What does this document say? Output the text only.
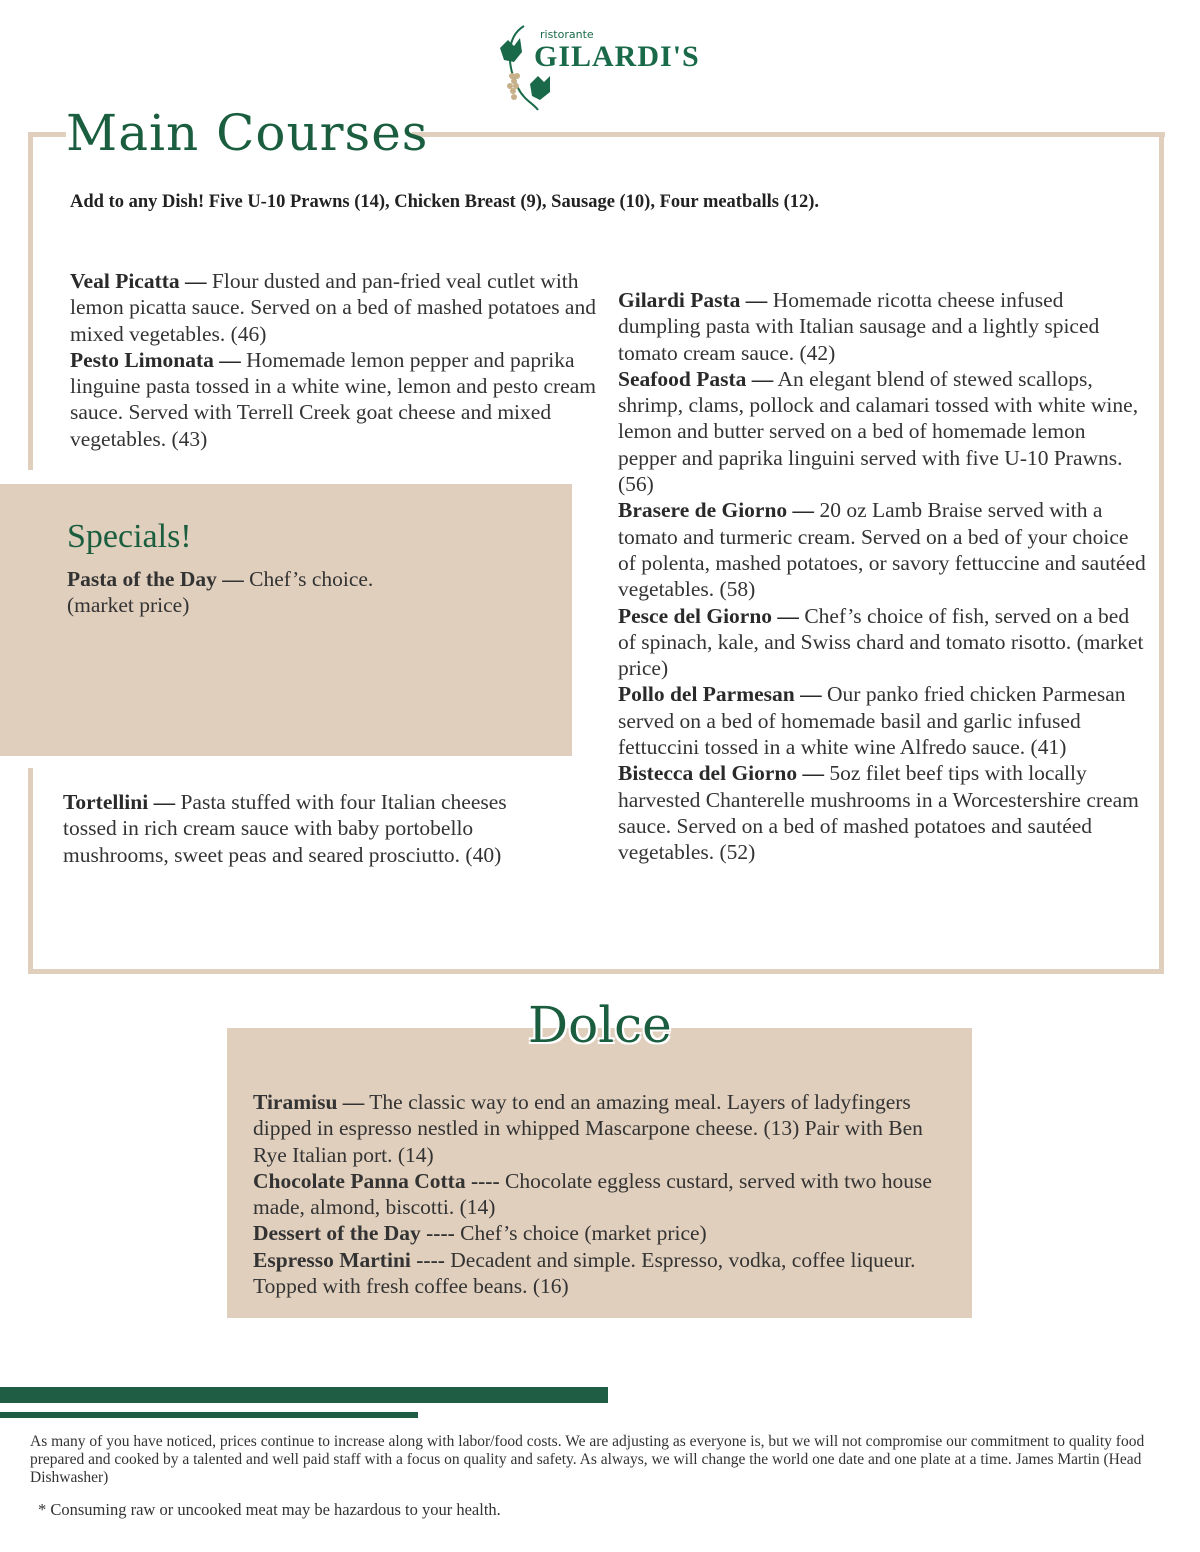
ristorante
GILARDI'S
Main Courses
Add to any Dish! Five U-10 Prawns (14), Chicken Breast (9), Sausage (10), Four meatballs (12).

Veal Picatta — Flour dusted and pan-fried veal cutlet with lemon picatta sauce. Served on a bed of mashed potatoes and mixed vegetables. (46)

Pesto Limonata — Homemade lemon pepper and paprika linguine pasta tossed in a white wine, lemon and pesto cream sauce. Served with Terrell Creek goat cheese and mixed vegetables. (43)

Gilardi Pasta — Homemade ricotta cheese infused dumpling pasta with Italian sausage and a lightly spiced tomato cream sauce. (42)

Seafood Pasta — An elegant blend of stewed scallops, shrimp, clams, pollock and calamari tossed with white wine, lemon and butter served on a bed of homemade lemon pepper and paprika linguini served with five U-10 Prawns. (56)

Brasere de Giorno — 20 oz Lamb Braise served with a tomato and turmeric cream. Served on a bed of your choice of polenta, mashed potatoes, or savory fettuccine and sautéed vegetables. (58)

Pesce del Giorno — Chef’s choice of fish, served on a bed of spinach, kale, and Swiss chard and tomato risotto. (market price)

Pollo del Parmesan — Our panko fried chicken Parmesan served on a bed of homemade basil and garlic infused fettuccini tossed in a white wine Alfredo sauce. (41)

Bistecca del Giorno — 5oz filet beef tips with locally harvested Chanterelle mushrooms in a Worcestershire cream sauce. Served on a bed of mashed potatoes and sautéed vegetables. (52)

Specials!
Pasta of the Day — Chef’s choice.
(market price)

Tortellini — Pasta stuffed with four Italian cheeses tossed in rich cream sauce with baby portobello mushrooms, sweet peas and seared prosciutto. (40)

Dolce

Tiramisu — The classic way to end an amazing meal. Layers of ladyfingers dipped in espresso nestled in whipped Mascarpone cheese. (13) Pair with Ben Rye Italian port. (14)

Chocolate Panna Cotta ---- Chocolate eggless custard, served with two house made, almond, biscotti. (14)

Dessert of the Day ---- Chef’s choice (market price)

Espresso Martini ---- Decadent and simple. Espresso, vodka, coffee liqueur. Topped with fresh coffee beans. (16)

As many of you have noticed, prices continue to increase along with labor/food costs. We are adjusting as everyone is, but we will not compromise our commitment to quality food prepared and cooked by a talented and well paid staff with a focus on quality and safety. As always, we will change the world one date and one plate at a time. James Martin (Head Dishwasher)
* Consuming raw or uncooked meat may be hazardous to your health.
